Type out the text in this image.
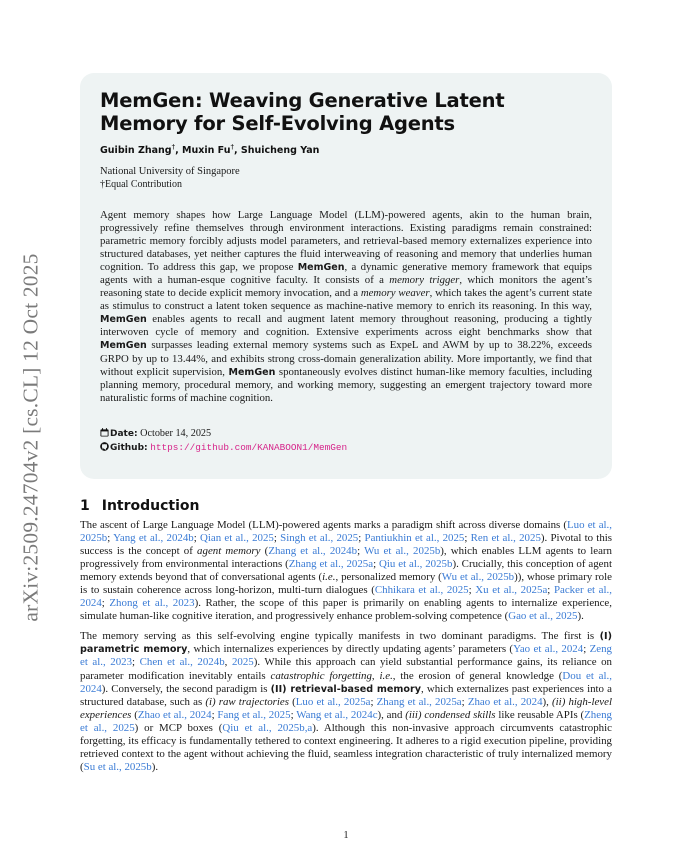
arXiv:2509.24704v2 [cs.CL] 12 Oct 2025
MemGen: Weaving Generative Latent Memory for Self-Evolving Agents
Guibin Zhang†, Muxin Fu†, Shuicheng Yan
National University of Singapore
†Equal Contribution
Agent memory shapes how Large Language Model (LLM)-powered agents, akin to the human brain, progressively refine themselves through environment interactions. Existing paradigms remain constrained: parametric memory forcibly adjusts model parameters, and retrieval-based memory externalizes experience into structured databases, yet neither captures the fluid interweaving of reasoning and memory that underlies human cognition. To address this gap, we propose MemGen, a dynamic generative memory framework that equips agents with a human-esque cognitive faculty. It consists of a memory trigger, which monitors the agent’s reasoning state to decide explicit memory invocation, and a memory weaver, which takes the agent’s current state as stimulus to construct a latent token sequence as machine-native memory to enrich its reasoning. In this way, MemGen enables agents to recall and augment latent memory throughout reasoning, producing a tightly interwoven cycle of memory and cognition. Extensive experiments across eight benchmarks show that MemGen surpasses leading external memory systems such as ExpeL and AWM by up to 38.22%, exceeds GRPO by up to 13.44%, and exhibits strong cross-domain generalization ability. More importantly, we find that without explicit supervision, MemGen spontaneously evolves distinct human-like memory faculties, including planning memory, procedural memory, and working memory, suggesting an emergent trajectory toward more naturalistic forms of machine cognition.
Date: October 14, 2025
Github: https://github.com/KANABOON1/MemGen
1 Introduction

The ascent of Large Language Model (LLM)-powered agents marks a paradigm shift across diverse domains (Luo et al., 2025b; Yang et al., 2024b; Qian et al., 2025; Singh et al., 2025; Pantiukhin et al., 2025; Ren et al., 2025). Pivotal to this success is the concept of agent memory (Zhang et al., 2024b; Wu et al., 2025b), which enables LLM agents to learn progressively from environmental interactions (Zhang et al., 2025a; Qiu et al., 2025b). Crucially, this conception of agent memory extends beyond that of conversational agents (i.e., personalized memory (Wu et al., 2025b)), whose primary role is to sustain coherence across long-horizon, multi-turn dialogues (Chhikara et al., 2025; Xu et al., 2025a; Packer et al., 2024; Zhong et al., 2023). Rather, the scope of this paper is primarily on enabling agents to internalize experience, simulate human-like cognitive iteration, and progressively enhance problem-solving competence (Gao et al., 2025).

The memory serving as this self-evolving engine typically manifests in two dominant paradigms. The first is (I) parametric memory, which internalizes experiences by directly updating agents’ parameters (Yao et al., 2024; Zeng et al., 2023; Chen et al., 2024b, 2025). While this approach can yield substantial performance gains, its reliance on parameter modification inevitably entails catastrophic forgetting, i.e., the erosion of general knowledge (Dou et al., 2024). Conversely, the second paradigm is (II) retrieval-based memory, which externalizes past experiences into a structured database, such as (i) raw trajectories (Luo et al., 2025a; Zhang et al., 2025a; Zhao et al., 2024), (ii) high-level experiences (Zhao et al., 2024; Fang et al., 2025; Wang et al., 2024c), and (iii) condensed skills like reusable APIs (Zheng et al., 2025) or MCP boxes (Qiu et al., 2025b,a). Although this non-invasive approach circumvents catastrophic forgetting, its efficacy is fundamentally tethered to context engineering. It adheres to a rigid execution pipeline, providing retrieved context to the agent without achieving the fluid, seamless integration characteristic of truly internalized memory (Su et al., 2025b).

1
